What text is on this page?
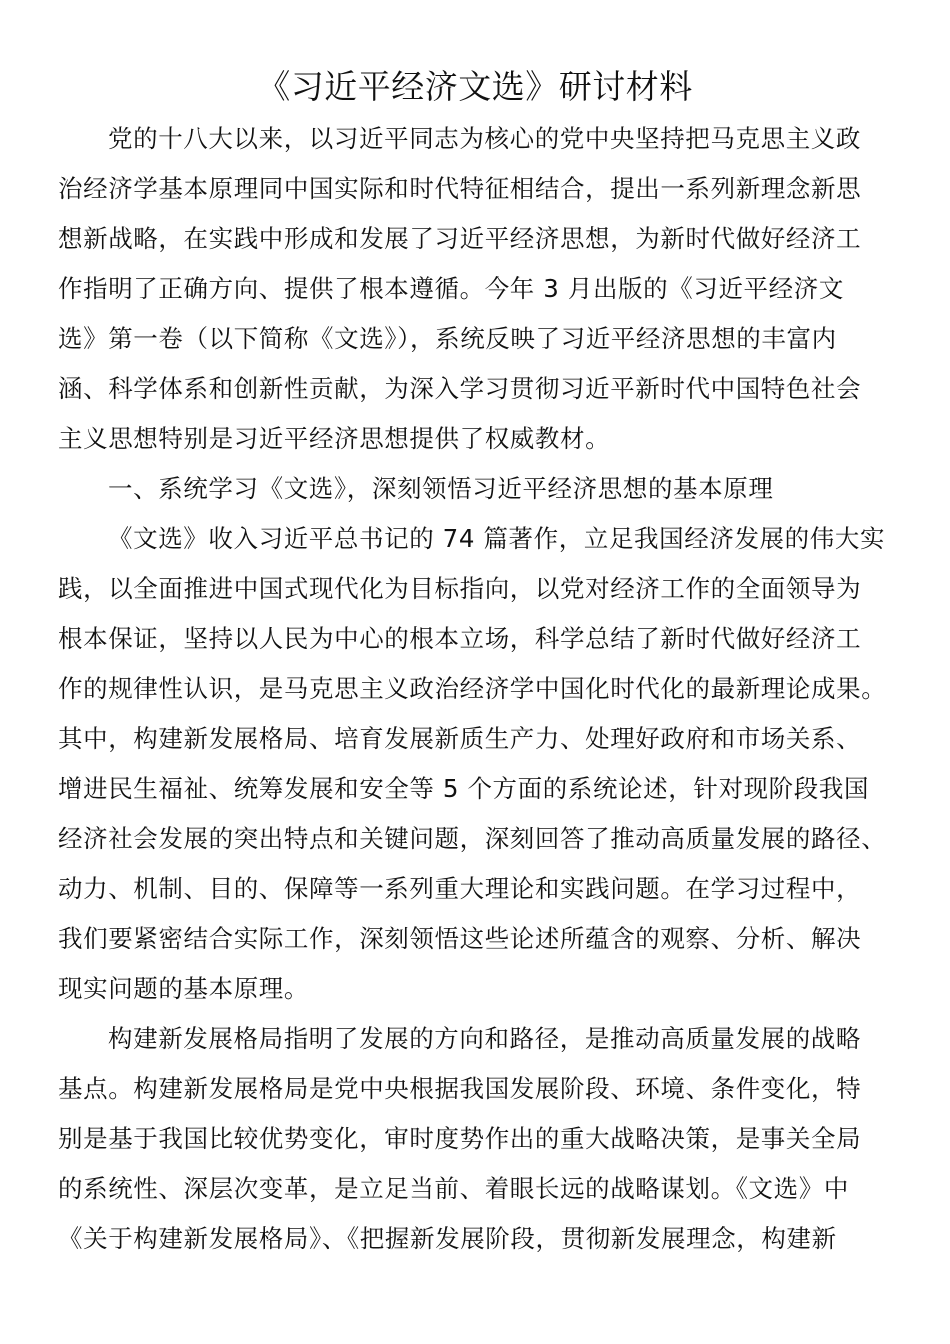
《习近平经济文选》研讨材料
党的十八大以来，以习近平同志为核心的党中央坚持把马克思主义政
治经济学基本原理同中国实际和时代特征相结合，提出一系列新理念新思
想新战略，在实践中形成和发展了习近平经济思想，为新时代做好经济工
作指明了正确方向、提供了根本遵循。今年 3 月出版的《习近平经济文
选》第一卷（以下简称《文选》），系统反映了习近平经济思想的丰富内
涵、科学体系和创新性贡献，为深入学习贯彻习近平新时代中国特色社会
主义思想特别是习近平经济思想提供了权威教材。
一、系统学习《文选》，深刻领悟习近平经济思想的基本原理
《文选》收入习近平总书记的 74 篇著作，立足我国经济发展的伟大实
践，以全面推进中国式现代化为目标指向，以党对经济工作的全面领导为
根本保证，坚持以人民为中心的根本立场，科学总结了新时代做好经济工
作的规律性认识，是马克思主义政治经济学中国化时代化的最新理论成果。
其中，构建新发展格局、培育发展新质生产力、处理好政府和市场关系、
增进民生福祉、统筹发展和安全等 5 个方面的系统论述，针对现阶段我国
经济社会发展的突出特点和关键问题，深刻回答了推动高质量发展的路径、
动力、机制、目的、保障等一系列重大理论和实践问题。在学习过程中，
我们要紧密结合实际工作，深刻领悟这些论述所蕴含的观察、分析、解决
现实问题的基本原理。
构建新发展格局指明了发展的方向和路径，是推动高质量发展的战略
基点。构建新发展格局是党中央根据我国发展阶段、环境、条件变化，特
别是基于我国比较优势变化，审时度势作出的重大战略决策，是事关全局
的系统性、深层次变革，是立足当前、着眼长远的战略谋划。《文选》中
《关于构建新发展格局》、《把握新发展阶段，贯彻新发展理念，构建新
